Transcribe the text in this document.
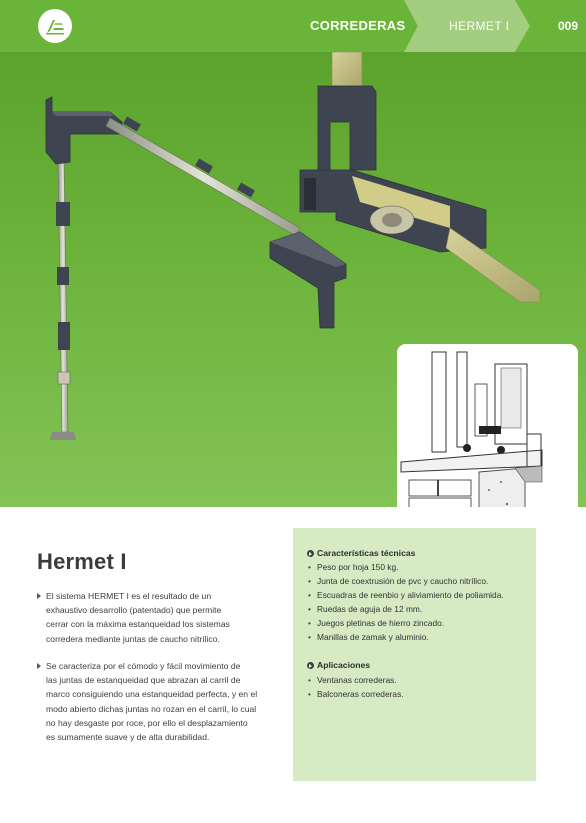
CORREDERAS	HERMET I	009
Hermet I
El sistema HERMET I es el resultado de un
exhaustivo desarrollo (patentado) que permite
cerrar con la máxima estanqueidad los sistemas
corredera mediante juntas de caucho nitrílico.
Se caracteriza por el cómodo y fácil movimiento de
las juntas de estanqueidad que abrazan al carril de
marco consiguiendo una estanqueidad perfecta, y en el
modo abierto dichas juntas no rozan en el carril, lo cual
no hay desgaste por roce, por ello el desplazamiento
es sumamente suave y de alta durabilidad.
Características técnicas
• Peso por hoja 150 kg.
• Junta de coextrusión de pvc y caucho nitrílico.
• Escuadras de reenbio y aliviamiento de poliamida.
• Ruedas de aguja de 12 mm.
• Juegos pletinas de hierro zincado.
• Manillas de zamak y aluminio.
Aplicaciones
• Ventanas correderas.
• Balconeras correderas.
